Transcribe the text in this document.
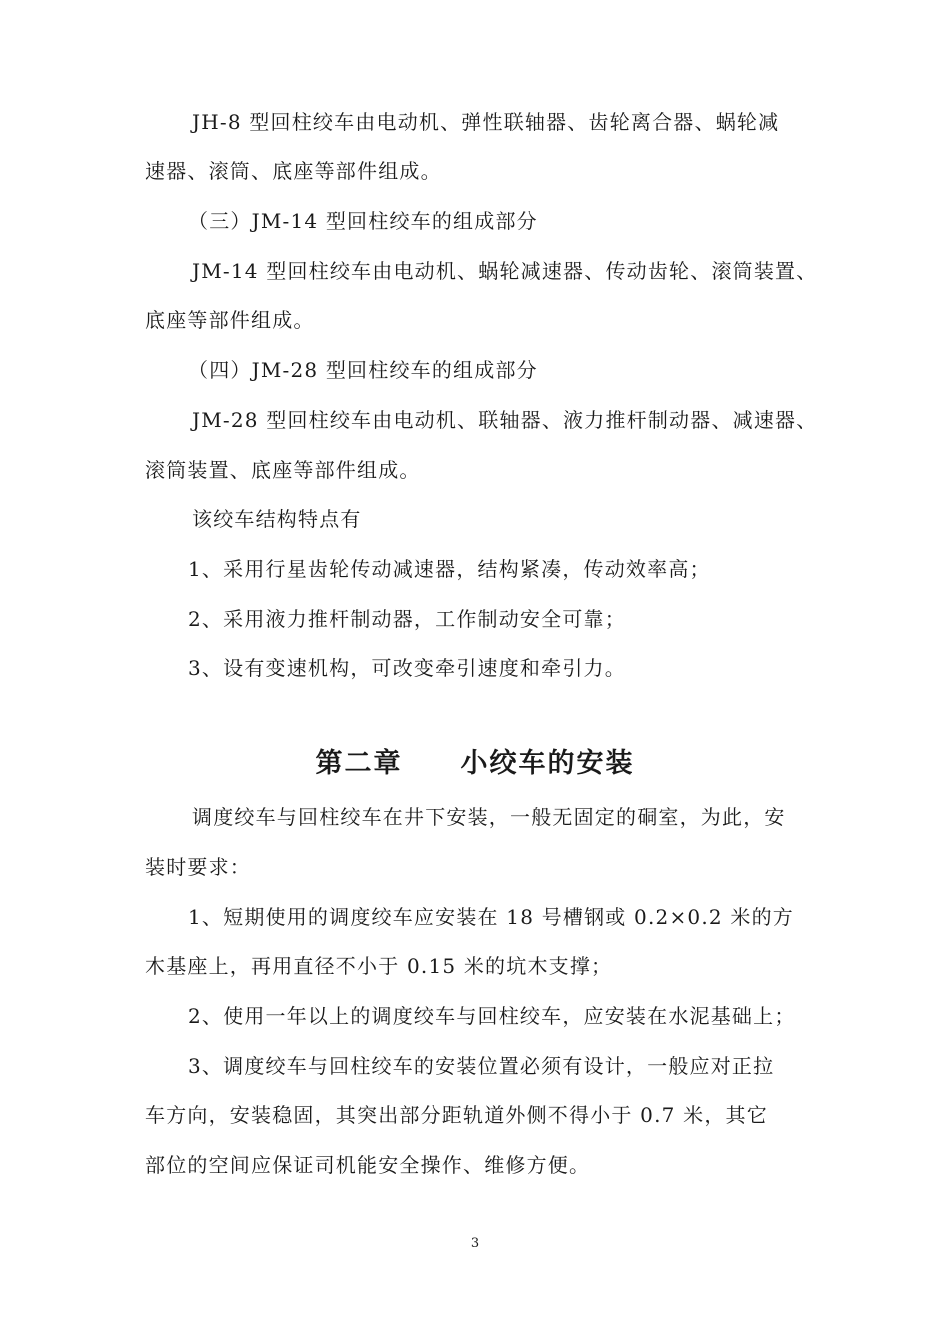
JH-8 型回柱绞车由电动机、弹性联轴器、齿轮离合器、蜗轮减
速器、滚筒、底座等部件组成。
（三）JM-14 型回柱绞车的组成部分
JM-14 型回柱绞车由电动机、蜗轮减速器、传动齿轮、滚筒装置、
底座等部件组成。
（四）JM-28 型回柱绞车的组成部分
JM-28 型回柱绞车由电动机、联轴器、液力推杆制动器、减速器、
滚筒装置、底座等部件组成。
该绞车结构特点有
1、采用行星齿轮传动减速器，结构紧凑，传动效率高；
2、采用液力推杆制动器，工作制动安全可靠；
3、设有变速机构，可改变牵引速度和牵引力。
第二章　　小绞车的安装
调度绞车与回柱绞车在井下安装，一般无固定的硐室，为此，安
装时要求：
1、短期使用的调度绞车应安装在 18 号槽钢或 0.2×0.2 米的方
木基座上，再用直径不小于 0.15 米的坑木支撑；
2、使用一年以上的调度绞车与回柱绞车，应安装在水泥基础上；
3、调度绞车与回柱绞车的安装位置必须有设计，一般应对正拉
车方向，安装稳固，其突出部分距轨道外侧不得小于 0.7 米，其它
部位的空间应保证司机能安全操作、维修方便。
3
